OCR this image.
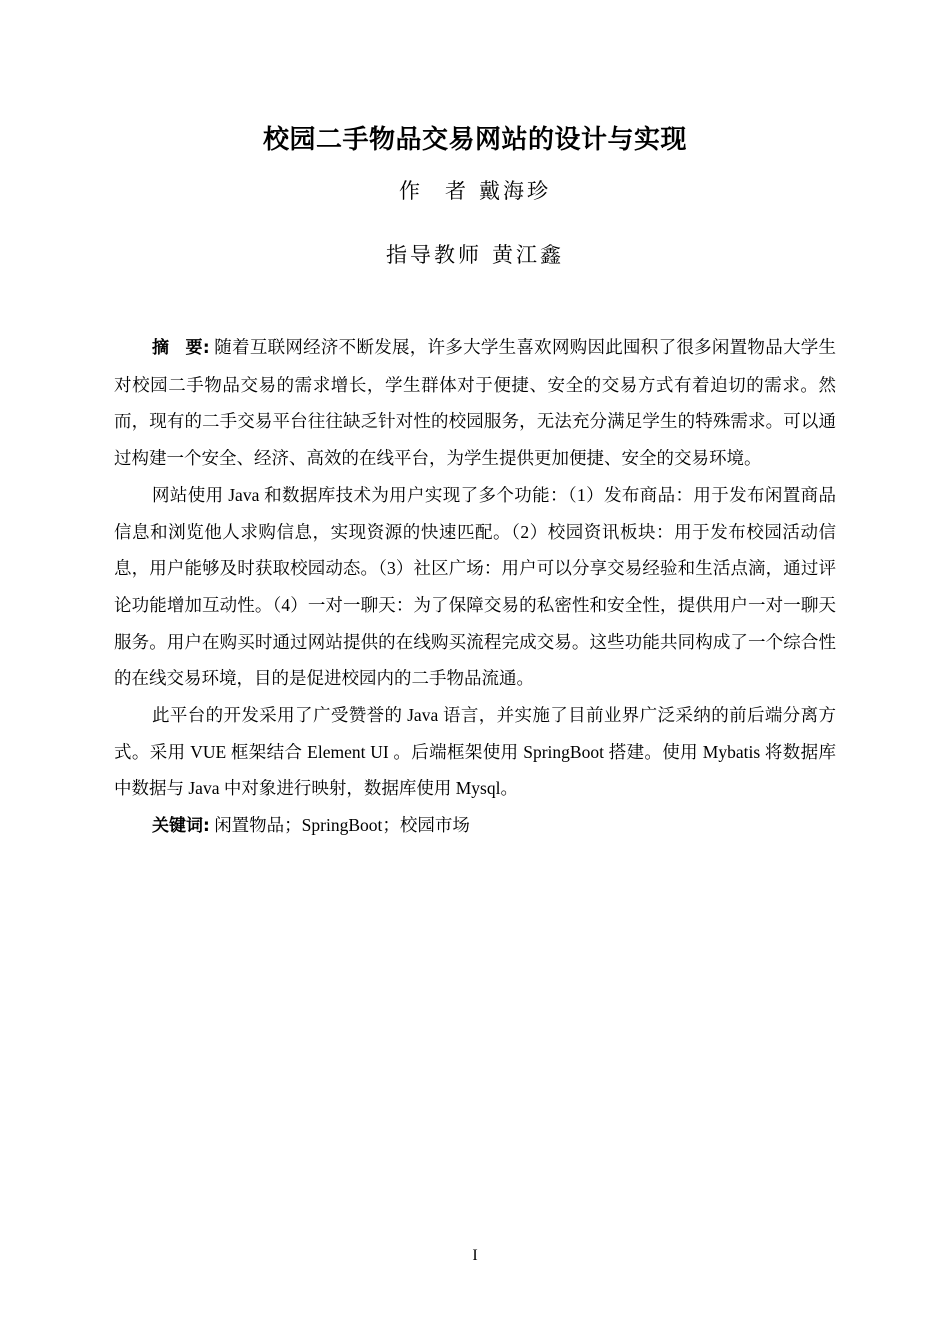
校园二手物品交易网站的设计与实现
作 者 戴海珍
指导教师 黄江鑫

摘 要: 随着互联网经济不断发展，许多大学生喜欢网购因此囤积了很多闲置物品大学生对校园二手物品交易的需求增长，学生群体对于便捷、安全的交易方式有着迫切的需求。然而，现有的二手交易平台往往缺乏针对性的校园服务，无法充分满足学生的特殊需求。可以通过构建一个安全、经济、高效的在线平台，为学生提供更加便捷、安全的交易环境。

网站使用 Java 和数据库技术为用户实现了多个功能：（1）发布商品：用于发布闲置商品信息和浏览他人求购信息，实现资源的快速匹配。（2）校园资讯板块：用于发布校园活动信息，用户能够及时获取校园动态。（3）社区广场：用户可以分享交易经验和生活点滴，通过评论功能增加互动性。（4）一对一聊天：为了保障交易的私密性和安全性，提供用户一对一聊天服务。用户在购买时通过网站提供的在线购买流程完成交易。这些功能共同构成了一个综合性的在线交易环境，目的是促进校园内的二手物品流通。

此平台的开发采用了广受赞誉的 Java 语言，并实施了目前业界广泛采纳的前后端分离方式。采用 VUE 框架结合 Element UI 。后端框架使用 SpringBoot 搭建。使用 Mybatis 将数据库中数据与 Java 中对象进行映射，数据库使用 Mysql。

关键词: 闲置物品；SpringBoot；校园市场

I
